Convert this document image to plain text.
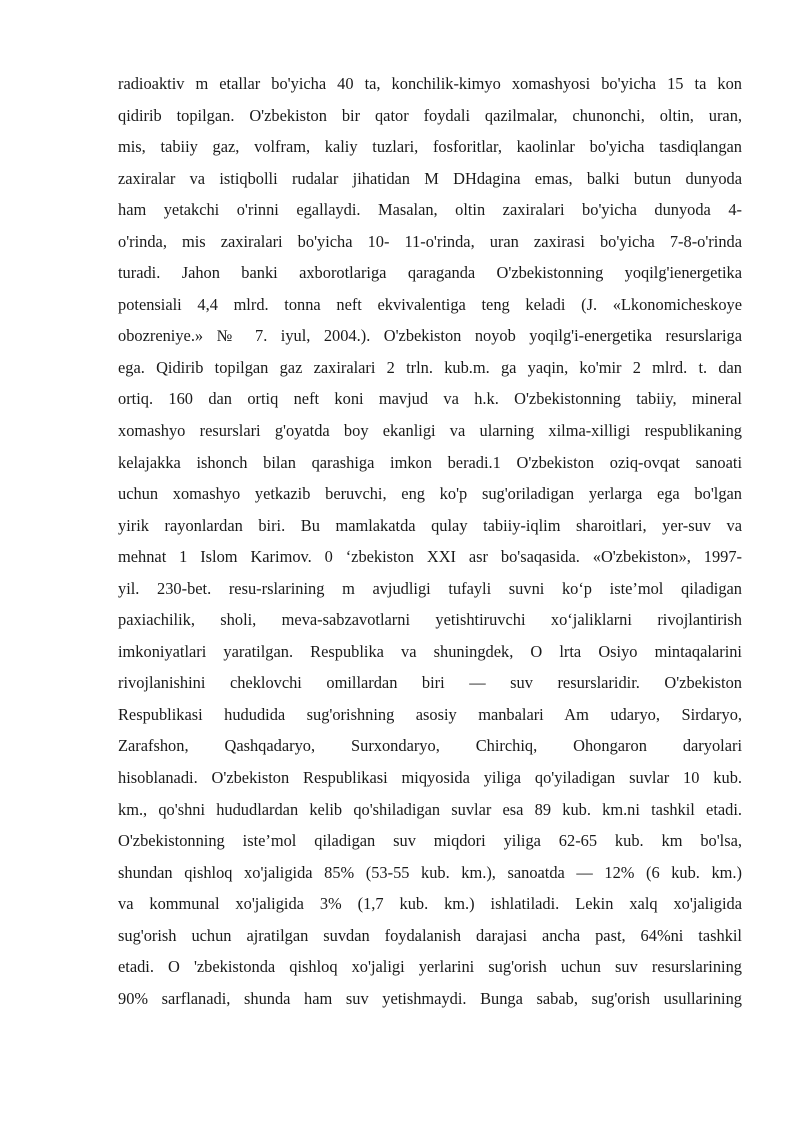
radioaktiv m etallar bo'yicha 40 ta, konchilik-kimyo xomashyosi bo'yicha 15 ta kon
qidirib topilgan. O'zbekiston bir qator foydali qazilmalar, chunonchi, oltin, uran,
mis, tabiiy gaz, volfram, kaliy tuzlari, fosforitlar, kaolinlar bo'yicha tasdiqlangan
zaxiralar va istiqbolli rudalar jihatidan M DHdagina emas, balki butun dunyoda
ham yetakchi o'rinni egallaydi. Masalan, oltin zaxiralari bo'yicha dunyoda 4-
o'rinda, mis zaxiralari bo'yicha 10- 11-o'rinda, uran zaxirasi bo'yicha 7-8-o'rinda
turadi. Jahon banki axborotlariga qaraganda O'zbekistonning yoqilg'ienergetika
potensiali 4,4 mlrd. tonna neft ekvivalentiga teng keladi (J. «Lkonomicheskoye
obozreniye.» № 7. iyul, 2004.). O'zbekiston noyob yoqilg'i-energetika resurslariga
ega. Qidirib topilgan gaz zaxiralari 2 trln. kub.m. ga yaqin, ko'mir 2 mlrd. t. dan
ortiq. 160 dan ortiq neft koni mavjud va h.k. O'zbekistonning tabiiy, mineral
xomashyo resurslari g'oyatda boy ekanligi va ularning xilma-xilligi respublikaning
kelajakka ishonch bilan qarashiga imkon beradi.1 O'zbekiston oziq-ovqat sanoati
uchun xomashyo yetkazib beruvchi, eng ko'p sug'oriladigan yerlarga ega bo'lgan
yirik rayonlardan biri. Bu mamlakatda qulay tabiiy-iqlim sharoitlari, yer-suv va
mehnat 1 Islom Karimov. 0 ‘zbekiston XXI asr bo'saqasida. «O'zbekiston», 1997-
yil. 230-bet. resu-rslarining m avjudligi tufayli suvni ko‘p iste’mol qiladigan
paxiachilik, sholi, meva-sabzavotlarni yetishtiruvchi xo‘jaliklarni rivojlantirish
imkoniyatlari yaratilgan. Respublika va shuningdek, O lrta Osiyo mintaqalarini
rivojlanishini cheklovchi omillardan biri — suv resurslaridir. O'zbekiston
Respublikasi hududida sug'orishning asosiy manbalari Am udaryo, Sirdaryo,
Zarafshon, Qashqadaryo, Surxondaryo, Chirchiq, Ohongaron daryolari
hisoblanadi. O'zbekiston Respublikasi miqyosida yiliga qo'yiladigan suvlar 10 kub.
km., qo'shni hududlardan kelib qo'shiladigan suvlar esa 89 kub. km.ni tashkil etadi.
O'zbekistonning iste’mol qiladigan suv miqdori yiliga 62-65 kub. km bo'lsa,
shundan qishloq xo'jaligida 85% (53-55 kub. km.), sanoatda — 12% (6 kub. km.)
va kommunal xo'jaligida 3% (1,7 kub. km.) ishlatiladi. Lekin xalq xo'jaligida
sug'orish uchun ajratilgan suvdan foydalanish darajasi ancha past, 64%ni tashkil
etadi. O 'zbekistonda qishloq xo'jaligi yerlarini sug'orish uchun suv resurslarining
90% sarflanadi, shunda ham suv yetishmaydi. Bunga sabab, sug'orish usullarining
